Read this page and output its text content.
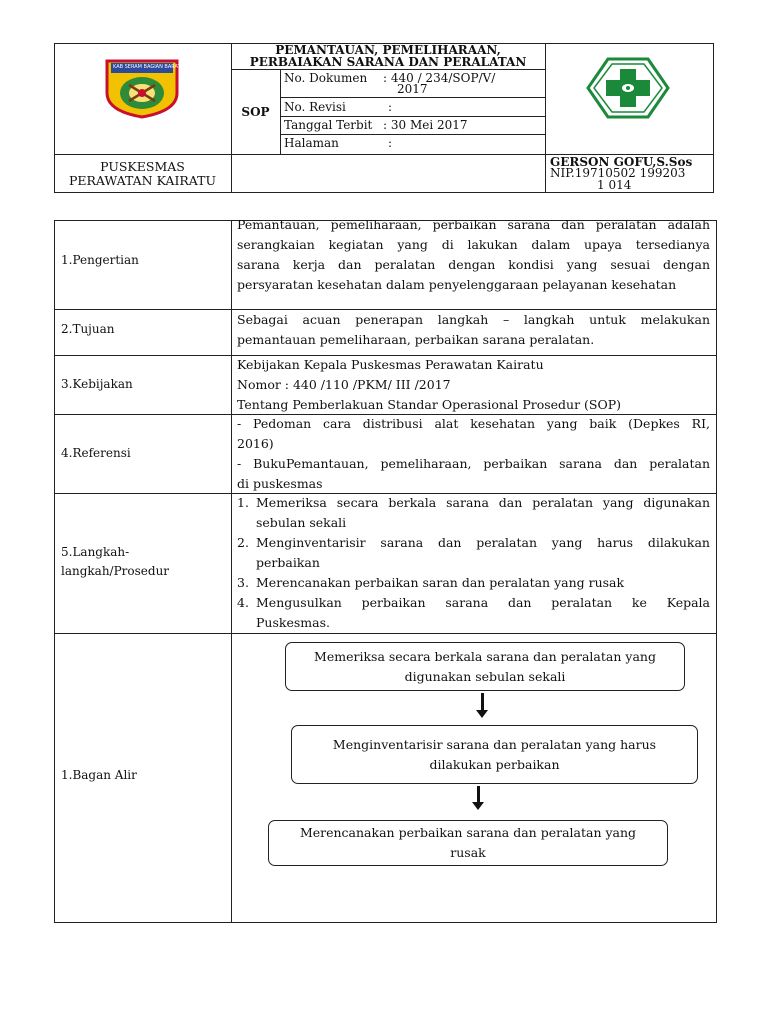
KAB SERAM BAGIAN BARAT
PEMANTAUAN, PEMELIHARAAN,
PERBAIAKAN SARANA DAN PERALATAN
SOP
No. Dokumen : 440 / 234/SOP/V/
2017
No. Revisi	:
Tanggal Terbit : 30 Mei 2017
Halaman	:
PUSKESMAS
PERAWATAN KAIRATU
GERSON GOFU,S.Sos
NIP.19710502 199203
1 014
1.Pengertian
Pemantauan, pemeliharaan, perbaikan sarana dan peralatan adalah
serangkaian kegiatan yang di lakukan dalam upaya tersedianya
sarana kerja dan peralatan dengan kondisi yang sesuai dengan
persyaratan kesehatan dalam penyelenggaraan pelayanan kesehatan
2.Tujuan
Sebagai acuan penerapan langkah – langkah untuk melakukan
pemantauan pemeliharaan, perbaikan sarana peralatan.
3.Kebijakan
Kebijakan Kepala Puskesmas Perawatan Kairatu
Nomor : 440 /110 /PKM/ III /2017
Tentang Pemberlakuan Standar Operasional Prosedur (SOP)
4.Referensi
- Pedoman cara distribusi alat kesehatan yang baik (Depkes RI,
2016)
- BukuPemantauan, pemeliharaan, perbaikan sarana dan peralatan
di puskesmas
5.Langkah-
langkah/Prosedur
1. Memeriksa secara berkala sarana dan peralatan yang digunakan
sebulan sekali
2. Menginventarisir sarana dan peralatan yang harus dilakukan
perbaikan
3. Merencanakan perbaikan saran dan peralatan yang rusak
4. Mengusulkan perbaikan sarana dan peralatan ke Kepala
Puskesmas.
1.Bagan Alir
Memeriksa secara berkala sarana dan peralatan yang
digunakan sebulan sekali
Menginventarisir sarana dan peralatan yang harus
dilakukan perbaikan
Merencanakan perbaikan sarana dan peralatan yang
rusak
